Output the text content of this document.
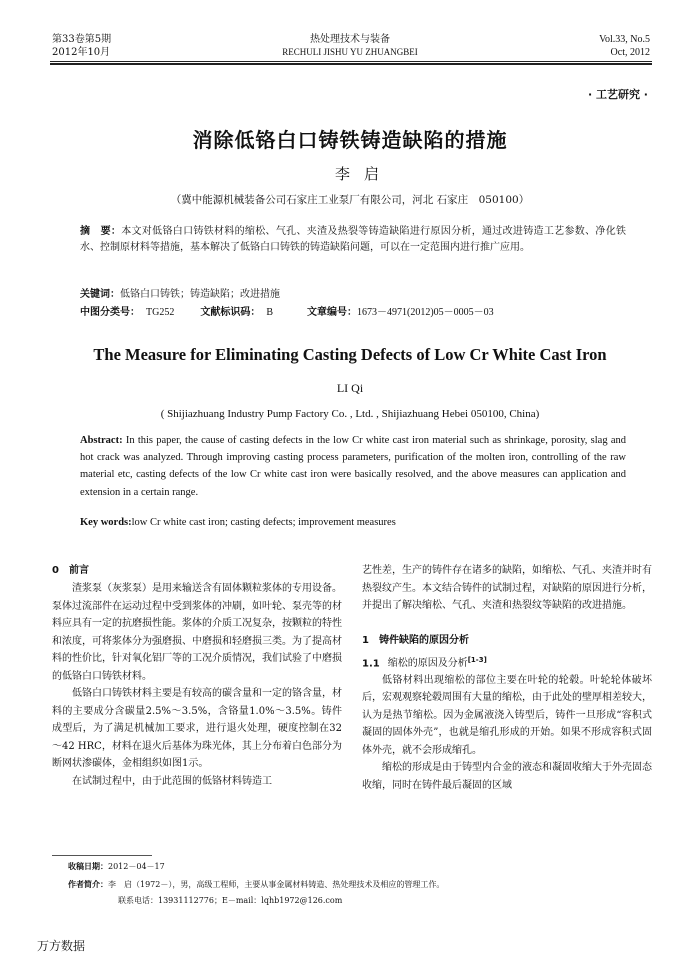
第33卷第5期
2012年10月
热处理技术与装备
RECHULI JISHU YU ZHUANGBEI
Vol.33, No.5
Oct, 2012
· 工艺研究 ·
消除低铬白口铸铁铸造缺陷的措施
李启
（冀中能源机械装备公司石家庄工业泵厂有限公司，河北 石家庄　050100）
摘　要：本文对低铬白口铸铁材料的缩松、气孔、夹渣及热裂等铸造缺陷进行原因分析，通过改进铸造工艺参数、净化铁水、控制原材料等措施，基本解决了低铬白口铸铁的铸造缺陷问题，可以在一定范围内进行推广应用。
关键词：低铬白口铸铁；铸造缺陷；改进措施
中图分类号： TG252	文献标识码： B	文章编号：1673－4971(2012)05－0005－03
The Measure for Eliminating Casting Defects of Low Cr White Cast Iron
LI Qi
( Shijiazhuang Industry Pump Factory Co. , Ltd. , Shijiazhuang Hebei 050100, China)
Abstract: In this paper, the cause of casting defects in the low Cr white cast iron material such as shrinkage, porosity, slag and hot crack was analyzed. Through improving casting process parameters, purification of the molten iron, controlling of the raw material etc, casting defects of the low Cr white cast iron were basically resolved, and the above measures can application and extension in a certain range.
Key words:low Cr white cast iron; casting defects; improvement measures
0 前言
渣浆泵（灰浆泵）是用来输送含有固体颗粒浆体的专用设备。泵体过流部件在运动过程中受到浆体的冲刷，如叶轮、泵壳等的材料应具有一定的抗磨损性能。浆体的介质工况复杂，按颗粒的特性和浓度，可将浆体分为强磨损、中磨损和轻磨损三类。为了提高材料的性价比，针对氧化铝厂等的工况介质情况，我们试验了中磨损的低铬白口铸铁材料。
低铬白口铸铁材料主要是有较高的碳含量和一定的铬含量，材料的主要成分含碳量2.5%～3.5%，含铬量1.0%～3.5%。铸件成型后，为了满足机械加工要求，进行退火处理，硬度控制在32～42 HRC，材料在退火后基体为珠光体，其上分布着白色部分为断网状渗碳体，金相组织如图1示。
在试制过程中，由于此范围的低铬材料铸造工
艺性差，生产的铸件存在诸多的缺陷，如缩松、气孔、夹渣并时有热裂纹产生。本文结合铸件的试制过程，对缺陷的原因进行分析，并提出了解决缩松、气孔、夹渣和热裂纹等缺陷的改进措施。
1 铸件缺陷的原因分析
1.1 缩松的原因及分析[1-3]
低铬材料出现缩松的部位主要在叶轮的轮毂。叶轮轮体破坏后，宏观观察轮毂周围有大量的缩松，由于此处的壁厚相差较大，认为是热节缩松。因为金属液浇入铸型后，铸件一旦形成“容积式凝固的固体外壳”，也就是缩孔形成的开始。如果不形成容积式固体外壳，就不会形成缩孔。
缩松的形成是由于铸型内合金的液态和凝固收缩大于外壳固态收缩，同时在铸件最后凝固的区域
收稿日期：2012－04－17
作者简介：李　启（1972－），男，高级工程师，主要从事金属材料铸造、热处理技术及相应的管理工作。
联系电话：13931112776；E－mail：lqhb1972@126.com
万方数据
